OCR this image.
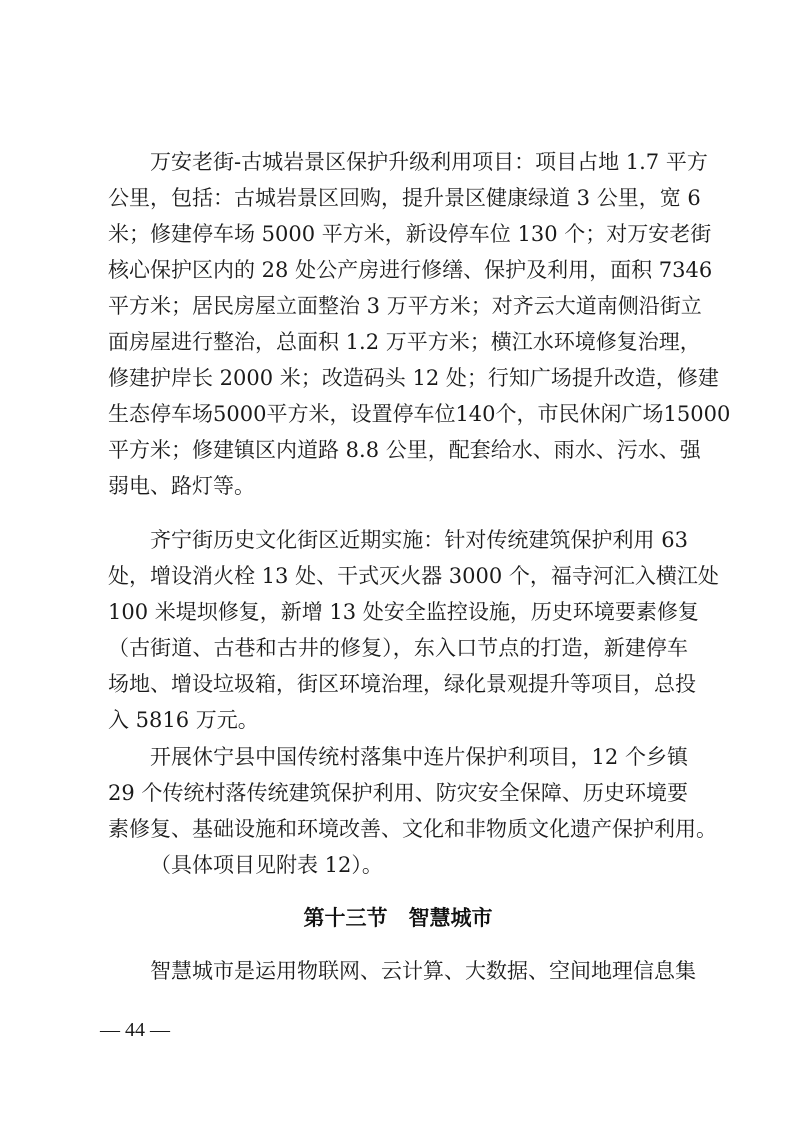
万安老街-古城岩景区保护升级利用项目：项目占地 1.7 平方
公里，包括：古城岩景区回购，提升景区健康绿道 3 公里，宽 6
米；修建停车场 5000 平方米，新设停车位 130 个；对万安老街
核心保护区内的 28 处公产房进行修缮、保护及利用，面积 7346
平方米；居民房屋立面整治 3 万平方米；对齐云大道南侧沿街立
面房屋进行整治，总面积 1.2 万平方米；横江水环境修复治理，
修建护岸长 2000 米；改造码头 12 处；行知广场提升改造，修建
生态停车场5000平方米，设置停车位140个，市民休闲广场15000
平方米；修建镇区内道路 8.8 公里，配套给水、雨水、污水、强
弱电、路灯等。
齐宁街历史文化街区近期实施：针对传统建筑保护利用 63
处，增设消火栓 13 处、干式灭火器 3000 个，福寺河汇入横江处
100 米堤坝修复，新增 13 处安全监控设施，历史环境要素修复
（古街道、古巷和古井的修复），东入口节点的打造，新建停车
场地、增设垃圾箱，街区环境治理，绿化景观提升等项目，总投
入 5816 万元。
开展休宁县中国传统村落集中连片保护利项目，12 个乡镇
29 个传统村落传统建筑保护利用、防灾安全保障、历史环境要
素修复、基础设施和环境改善、文化和非物质文化遗产保护利用。
（具体项目见附表 12）。
第十三节　智慧城市
智慧城市是运用物联网、云计算、大数据、空间地理信息集
— 44 —
